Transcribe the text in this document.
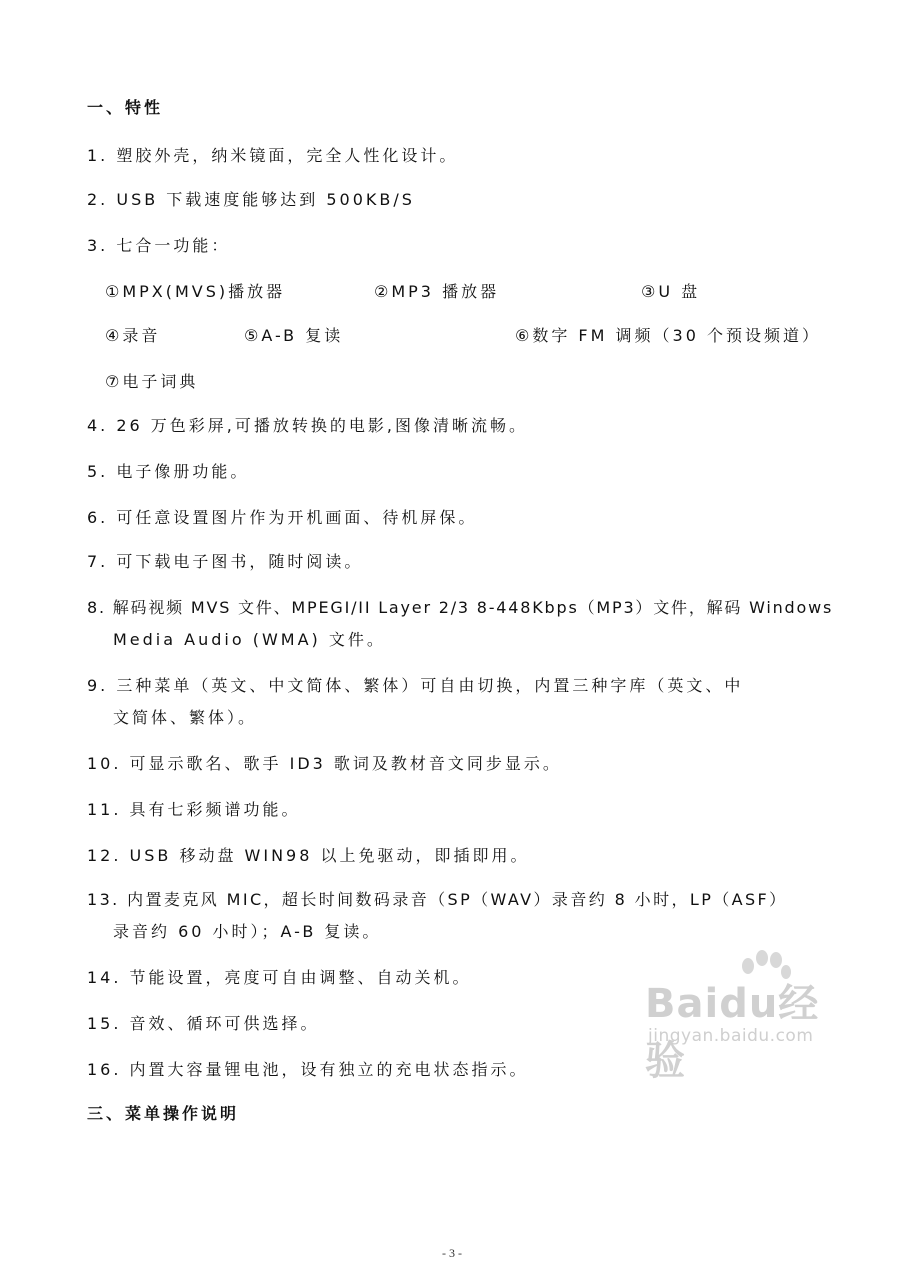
一、特性
1. 塑胶外壳，纳米镜面，完全人性化设计。
2. USB 下载速度能够达到 500KB/S
3. 七合一功能：
①MPX(MVS)播放器	②MP3 播放器	③U 盘
④录音	⑤A-B 复读	⑥数字 FM 调频（30 个预设频道）
⑦电子词典
4. 26 万色彩屏,可播放转换的电影,图像清晰流畅。
5. 电子像册功能。
6. 可任意设置图片作为开机画面、待机屏保。
7. 可下载电子图书，随时阅读。
8. 解码视频 MVS 文件、MPEGI/II Layer 2/3 8-448Kbps（MP3）文件，解码 Windows
Media Audio (WMA) 文件。
9. 三种菜单（英文、中文简体、繁体）可自由切换，内置三种字库（英文、中
文简体、繁体）。
10. 可显示歌名、歌手 ID3 歌词及教材音文同步显示。
11. 具有七彩频谱功能。
12. USB 移动盘 WIN98 以上免驱动，即插即用。
13. 内置麦克风 MIC，超长时间数码录音（SP（WAV）录音约 8 小时，LP（ASF）
录音约 60 小时）；A-B 复读。
14. 节能设置，亮度可自由调整、自动关机。
15. 音效、循环可供选择。
16. 内置大容量锂电池，设有独立的充电状态指示。
三、菜单操作说明
Baidu经验
jingyan.baidu.com
- 3 -
